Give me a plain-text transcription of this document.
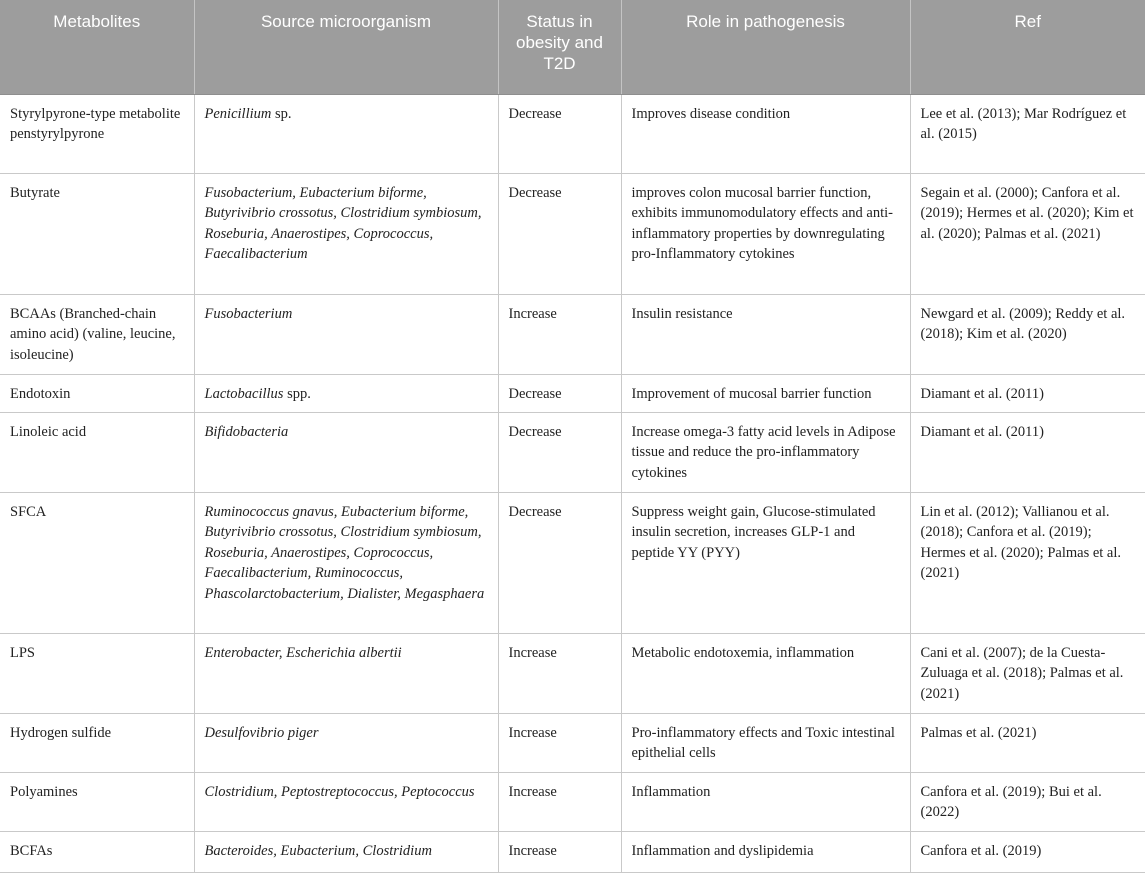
Metabolites	Source microorganism	Status in obesity and T2D	Role in pathogenesis	Ref
Styrylpyrone-type metabolite penstyrylpyrone	Penicillium sp.	Decrease	Improves disease condition	Lee et al. (2013); Mar Rodríguez et al. (2015)
Butyrate	Fusobacterium, Eubacterium biforme, Butyrivibrio crossotus, Clostridium symbiosum, Roseburia, Anaerostipes, Coprococcus, Faecalibacterium	Decrease	improves colon mucosal barrier function, exhibits immunomodulatory effects and anti-inflammatory properties by downregulating pro-Inflammatory cytokines	Segain et al. (2000); Canfora et al. (2019); Hermes et al. (2020); Kim et al. (2020); Palmas et al. (2021)
BCAAs (Branched-chain amino acid) (valine, leucine, isoleucine)	Fusobacterium	Increase	Insulin resistance	Newgard et al. (2009); Reddy et al. (2018); Kim et al. (2020)
Endotoxin	Lactobacillus spp.	Decrease	Improvement of mucosal barrier function	Diamant et al. (2011)
Linoleic acid	Bifidobacteria	Decrease	Increase omega-3 fatty acid levels in Adipose tissue and reduce the pro-inflammatory cytokines	Diamant et al. (2011)
SFCA	Ruminococcus gnavus, Eubacterium biforme, Butyrivibrio crossotus, Clostridium symbiosum, Roseburia, Anaerostipes, Coprococcus, Faecalibacterium, Ruminococcus, Phascolarctobacterium, Dialister, Megasphaera	Decrease	Suppress weight gain, Glucose-stimulated insulin secretion, increases GLP-1 and peptide YY (PYY)	Lin et al. (2012); Vallianou et al. (2018); Canfora et al. (2019); Hermes et al. (2020); Palmas et al. (2021)
LPS	Enterobacter, Escherichia albertii	Increase	Metabolic endotoxemia, inflammation	Cani et al. (2007); de la Cuesta-Zuluaga et al. (2018); Palmas et al. (2021)
Hydrogen sulfide	Desulfovibrio piger	Increase	Pro-inflammatory effects and Toxic intestinal epithelial cells	Palmas et al. (2021)
Polyamines	Clostridium, Peptostreptococcus, Peptococcus	Increase	Inflammation	Canfora et al. (2019); Bui et al. (2022)
BCFAs	Bacteroides, Eubacterium, Clostridium	Increase	Inflammation and dyslipidemia	Canfora et al. (2019)
